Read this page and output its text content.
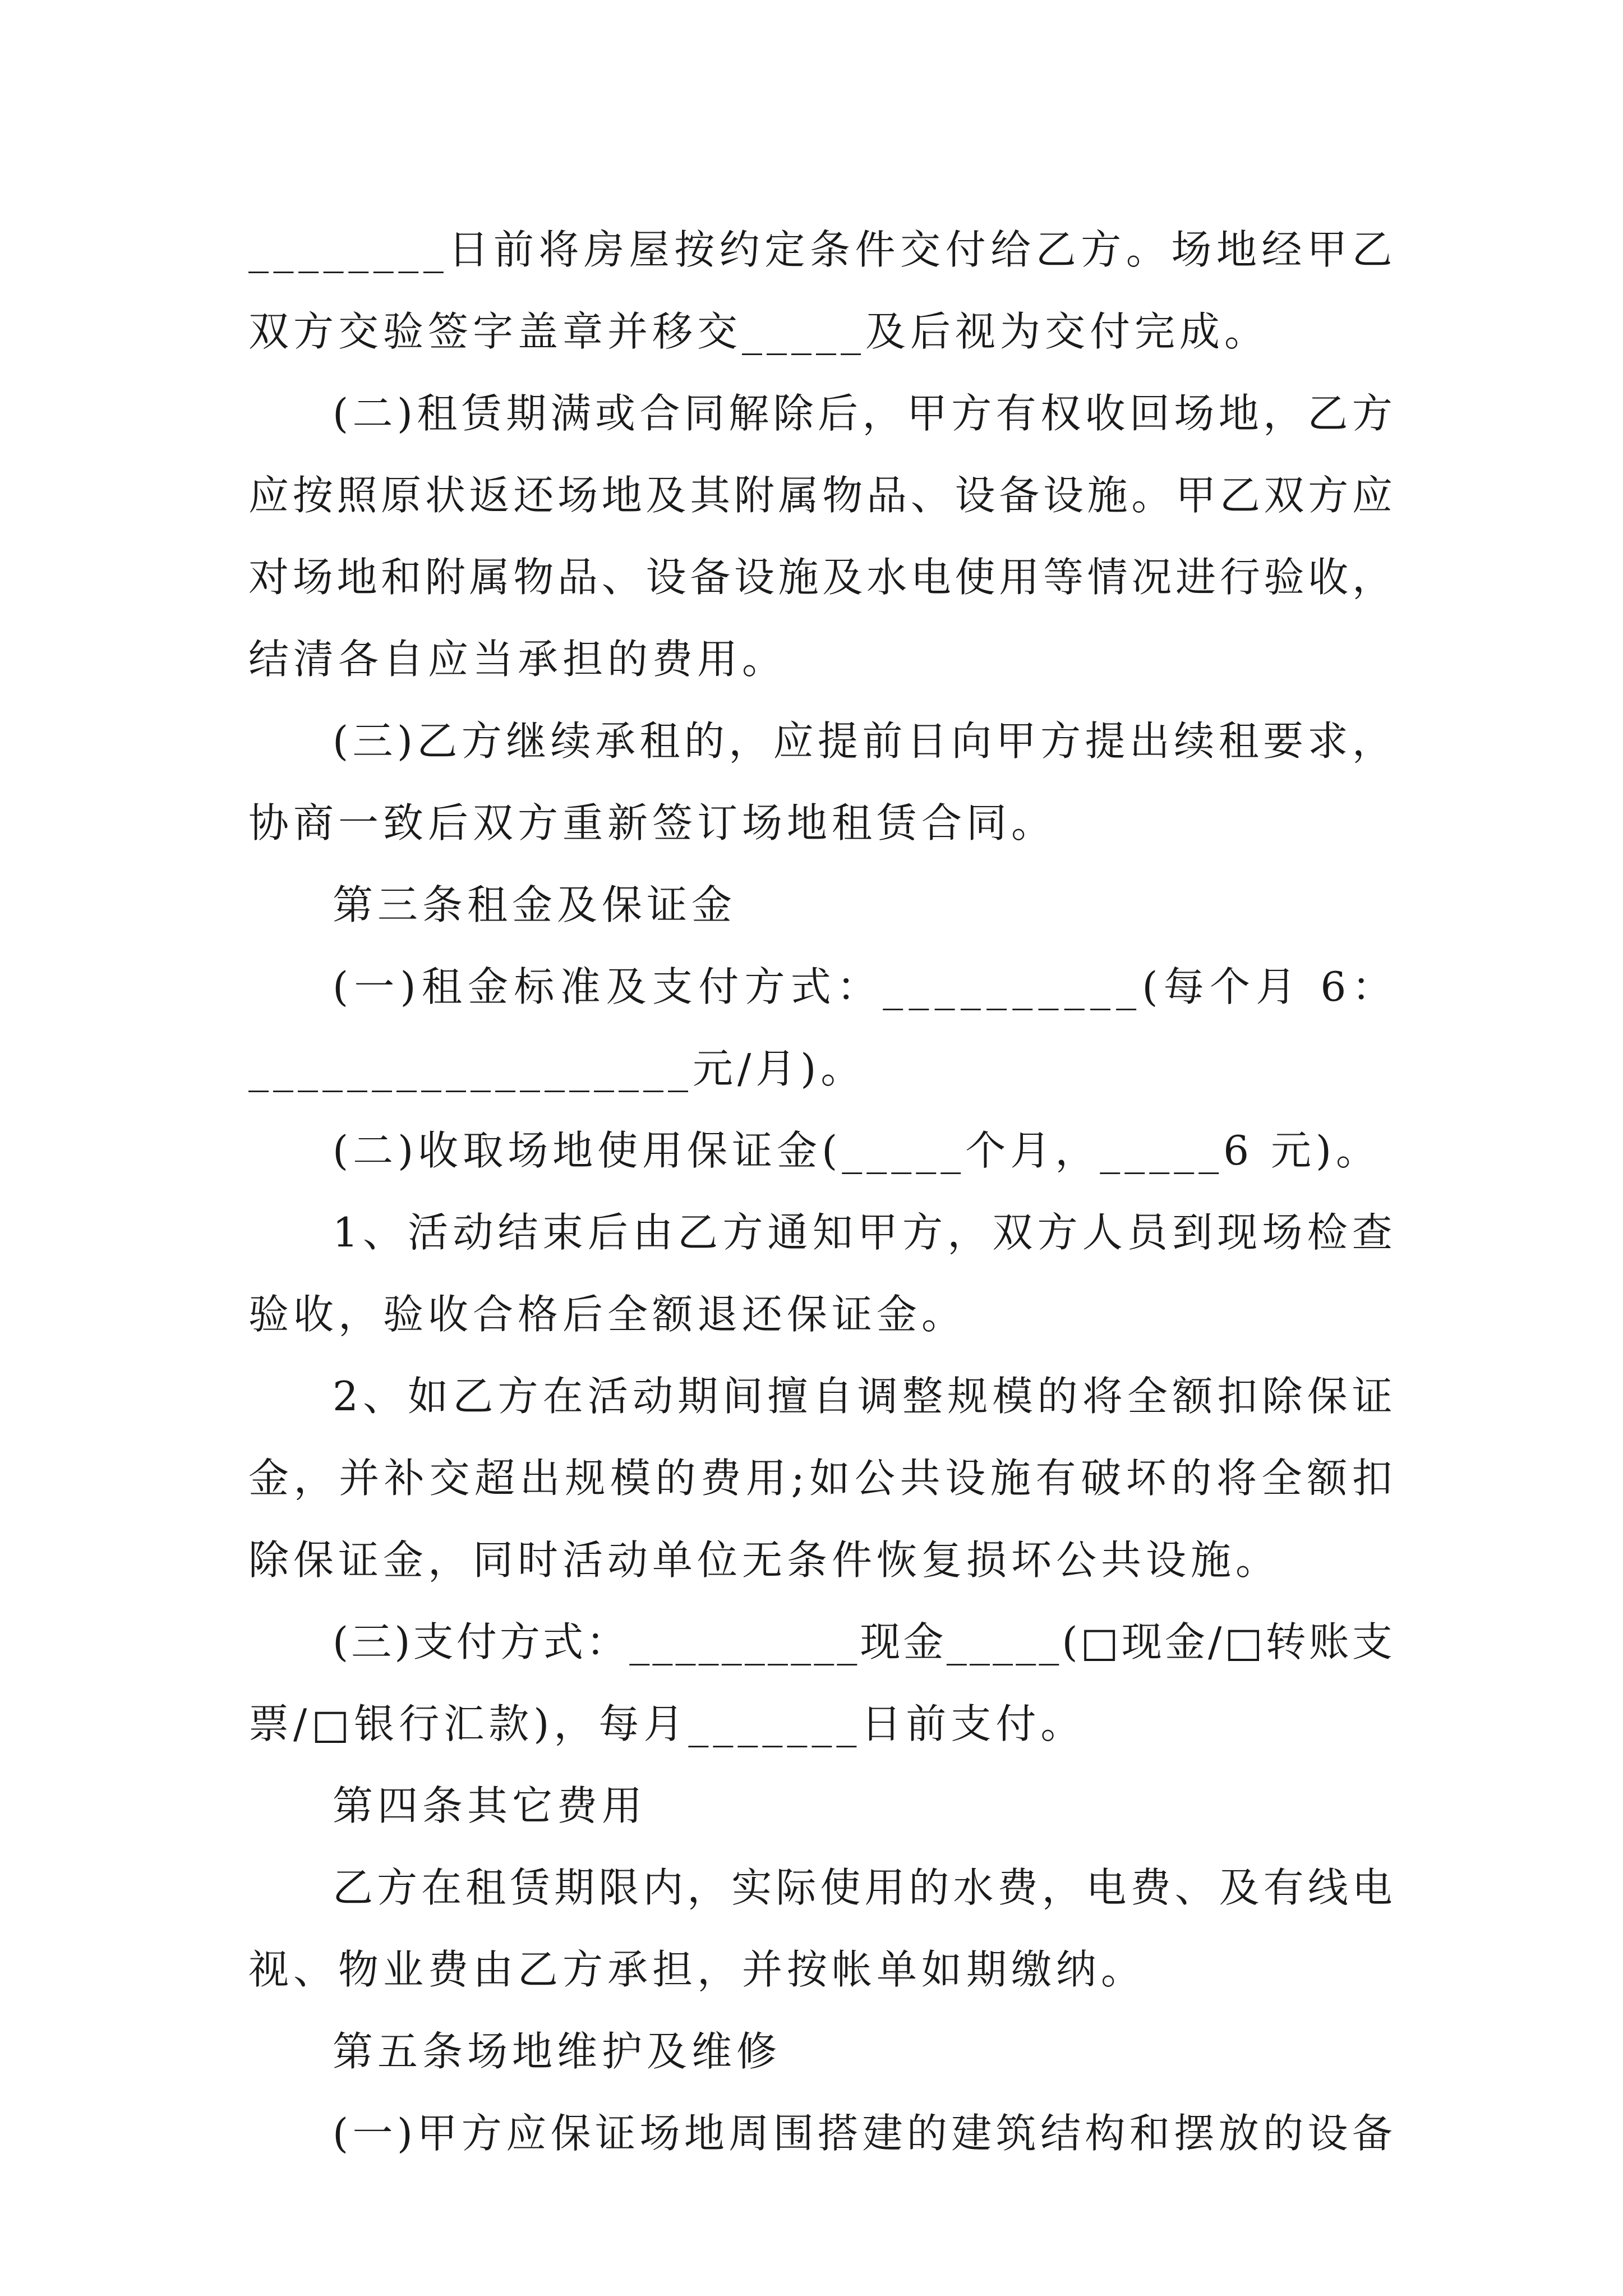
_ _ _ _ _ _ _ _ 日 前 将 房 屋 按 约 定 条 件 交 付 给 乙 方 。 场 地 经 甲 乙
双方交验签字盖章并移交_____及后视为交付完成。
( 二 ) 租 赁 期 满 或 合 同 解 除 后 ， 甲 方 有 权 收 回 场 地 ， 乙 方
应 按 照 原 状 返 还 场 地 及 其 附 属 物 品 、 设 备 设 施 。 甲 乙 双 方 应
对 场 地 和 附 属 物 品 、 设 备 设 施 及 水 电 使 用 等 情 况 进 行 验 收 ，
结清各自应当承担的费用。
( 三 ) 乙 方 继 续 承 租 的 ， 应 提 前 日 向 甲 方 提 出 续 租 要 求 ，
协商一致后双方重新签订场地租赁合同。
第三条租金及保证金
( 一 ) 租 金 标 准 及 支 付 方 式 ： _ _ _ _ _ _ _ _ _ _ ( 每 个 月
6 ：
__________________元/月)。
(二)收取场地使用保证金(_____个月，_____6 元)。
1 、 活 动 结 束 后 由 乙 方 通 知 甲 方 ， 双 方 人 员 到 现 场 检 查
验收，验收合格后全额退还保证金。
2 、 如 乙 方 在 活 动 期 间 擅 自 调 整 规 模 的 将 全 额 扣 除 保 证
金 ， 并 补 交 超 出 规 模 的 费 用 ; 如 公 共 设 施 有 破 坏 的 将 全 额 扣
除保证金，同时活动单位无条件恢复损坏公共设施。
( 三 ) 支 付 方 式 ： _ _ _ _ _ _ _ _ _ _ 现 金 _ _ _ _ _ ( □ 现 金 / □ 转 账 支
票/□银行汇款)，每月_______日前支付。
第四条其它费用
乙 方 在 租 赁 期 限 内 ， 实 际 使 用 的 水 费 ， 电 费 、 及 有 线 电
视、物业费由乙方承担，并按帐单如期缴纳。
第五条场地维护及维修
( 一 ) 甲 方 应 保 证 场 地 周 围 搭 建 的 建 筑 结 构 和 摆 放 的 设 备
